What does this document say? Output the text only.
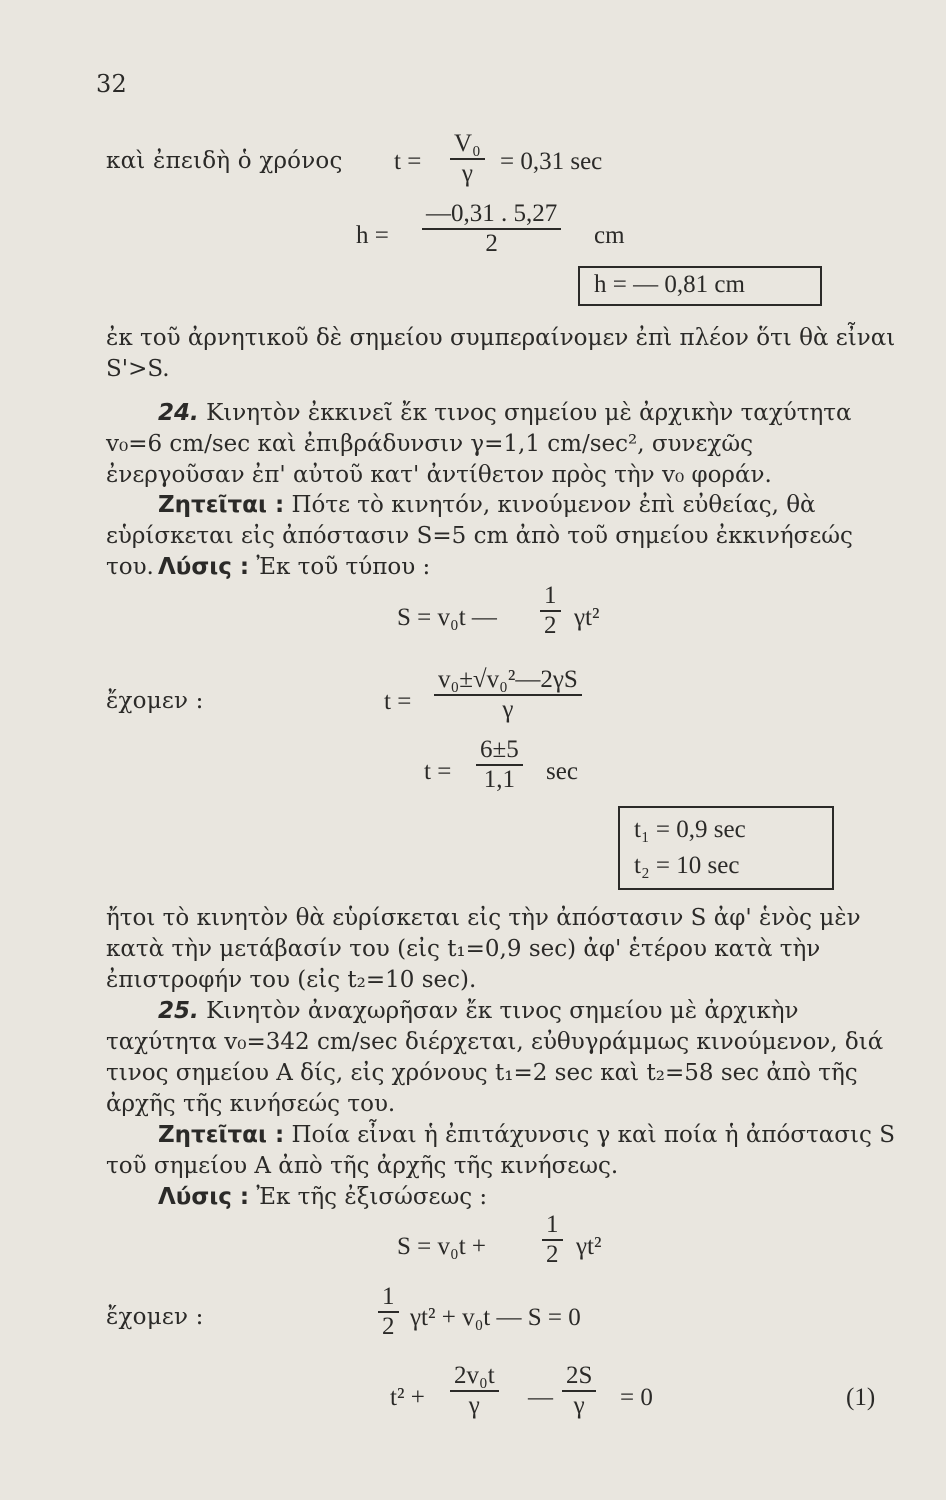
32
καὶ ἐπειδὴ ὁ χρόνος $t = \frac{\text{V₀}}{\gamma} = 0,31$ sec
$h = \frac{—0,31 . 5,27}{2}$ cm
h = — 0,81 cm
ἐκ τοῦ ἀρνητικοῦ δὲ σημείου συμπεραίνομεν ἐπὶ πλέον ὅτι θὰ εἶναι S'>S.
24. Κινητὸν ἐκκινεῖ ἔκ τινος σημείου μὲ ἀρχικὴν ταχύτητα v₀=6 cm/sec καὶ ἐπιβράδυνσιν γ=1,1 cm/sec², συνεχῶς ἐνεργοῦσαν ἐπ' αὐτοῦ κατ' ἀντίθετον πρὸς τὴν v₀ φοράν.
Ζητεῖται : Πότε τὸ κινητόν, κινούμενον ἐπὶ εὐθείας, θὰ εὑρίσκεται εἰς ἀπόστασιν S=5 cm ἀπὸ τοῦ σημείου ἐκκινήσεώς του. Λύσις : Ἐκ τοῦ τύπου :
S = v₀t — $\frac{1}{2} \gamma t^2$
ἔχομεν :	$t = \frac{\text{v₀±√v₀²—2γS}}{\gamma}$
$t = \frac{6\pm 5}{1,1}$ sec
t₁ = 0,9 sec
t₂ = 10 sec
ἤτοι τὸ κινητὸν θὰ εὑρίσκεται εἰς τὴν ἀπόστασιν S ἀφ' ἑνὸς μὲν κατὰ τὴν μετάβασίν του (εἰς t₁=0,9 sec) ἀφ' ἑτέρου κατὰ τὴν ἐπιστροφήν του (εἰς t₂=10 sec).
25. Κινητὸν ἀναχωρῆσαν ἔκ τινος σημείου μὲ ἀρχικὴν ταχύτητα v₀=342 cm/sec διέρχεται, εὐθυγράμμως κινούμενον, διά τινος σημείου Α δίς, εἰς χρόνους t₁=2 sec καὶ t₂=58 sec ἀπὸ τῆς ἀρχῆς τῆς κινήσεώς του.
Ζητεῖται : Ποία εἶναι ἡ ἐπιτάχυνσις γ καὶ ποία ἡ ἀπόστασις S τοῦ σημείου Α ἀπὸ τῆς ἀρχῆς τῆς κινήσεως.
Λύσις : Ἐκ τῆς ἐξισώσεως :
$S = v_0t + \frac{1}{2} \gamma t^2$
ἔχομεν :	$\frac{1}{2} \gamma t^2 + v_0t$ — S = 0
$t^2 + \frac{\text{2v₀t}}{\gamma}$ — $\frac{2S}{\gamma} = 0$	(1)
